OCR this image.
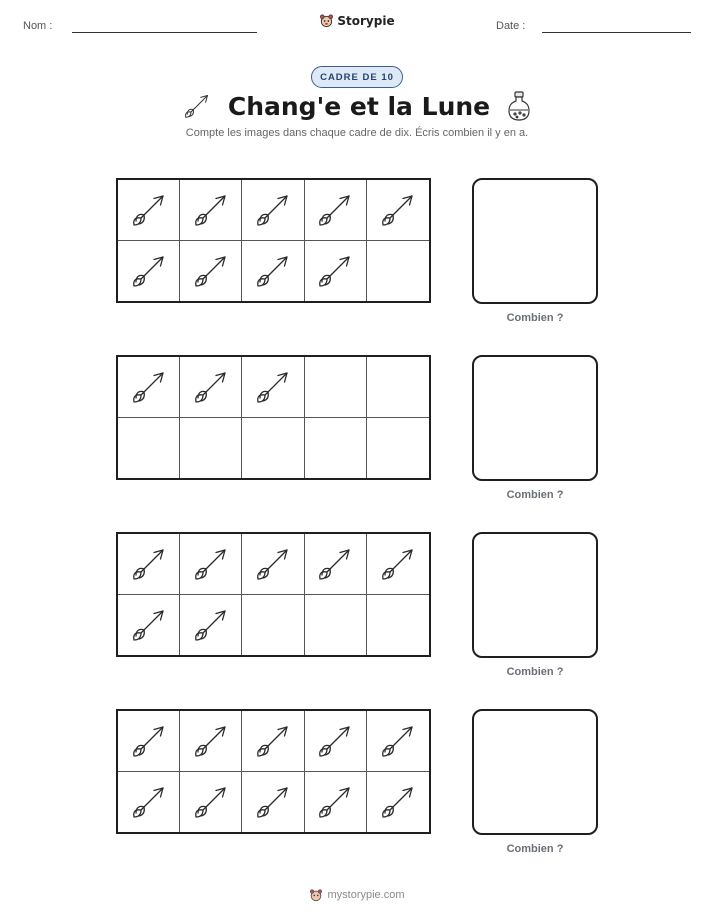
Nom :	Storypie	Date :
CADRE DE 10
Chang'e et la Lune
Compte les images dans chaque cadre de dix. Écris combien il y en a.
Combien ?
Combien ?
Combien ?
Combien ?
mystorypie.com
